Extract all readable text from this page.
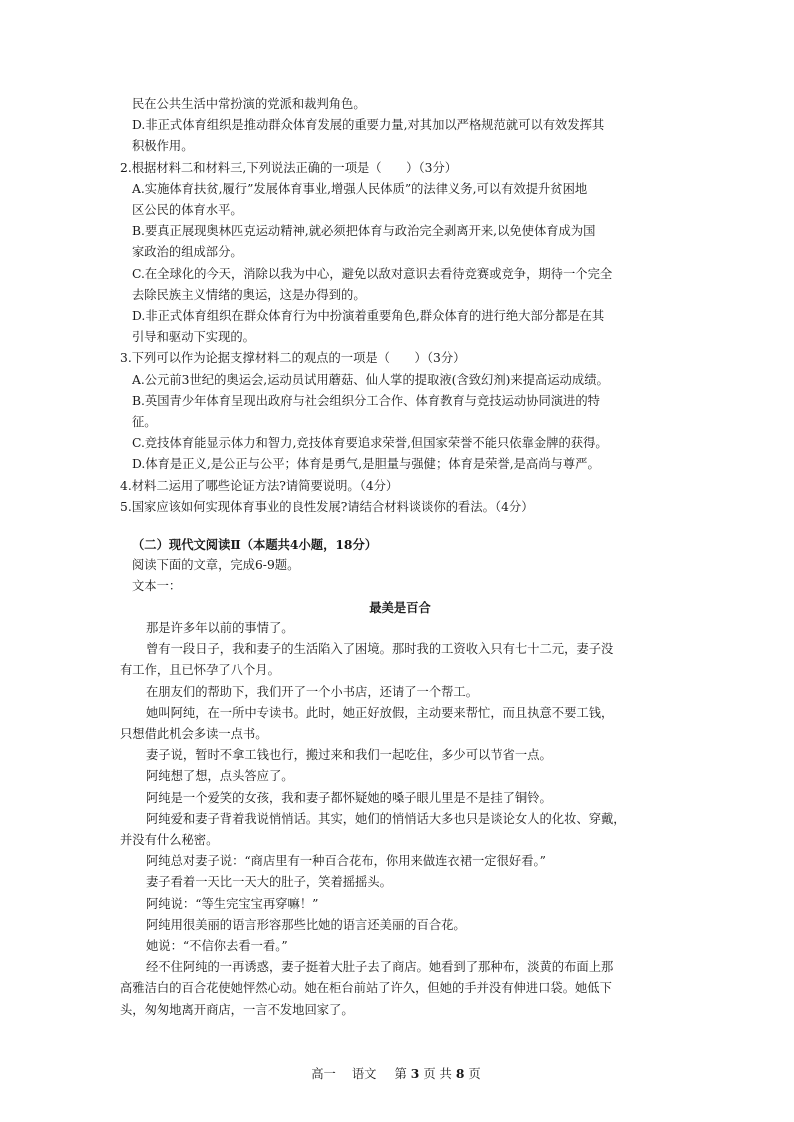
民在公共生活中常扮演的党派和裁判角色。
D.非正式体育组织是推动群众体育发展的重要力量,对其加以严格规范就可以有效发挥其
积极作用。
2.根据材料二和材料三,下列说法正确的一项是（　　）（3分）
A.实施体育扶贫,履行”发展体育事业,增强人民体质”的法律义务,可以有效提升贫困地
区公民的体育水平。
B.要真正展现奥林匹克运动精神,就必须把体育与政治完全剥离开来,以免使体育成为国
家政治的组成部分。
C.在全球化的今天，消除以我为中心，避免以敌对意识去看待竞赛或竞争，期待一个完全
去除民族主义情绪的奥运，这是办得到的。
D.非正式体育组织在群众体育行为中扮演着重要角色,群众体育的进行绝大部分都是在其
引导和驱动下实现的。
3.下列可以作为论据支撑材料二的观点的一项是（　　）（3分）
A.公元前3世纪的奥运会,运动员试用蘑菇、仙人掌的提取液(含致幻剂)来提高运动成绩。
B.英国青少年体育呈现出政府与社会组织分工合作、体育教育与竞技运动协同演进的特
征。
C.竞技体育能显示体力和智力,竞技体育要追求荣誉,但国家荣誉不能只依靠金牌的获得。
D.体育是正义,是公正与公平；体育是勇气,是胆量与强健；体育是荣誉,是高尚与尊严。
4.材料二运用了哪些论证方法?请简要说明。（4分）
5.国家应该如何实现体育事业的良性发展?请结合材料谈谈你的看法。（4分）
（二）现代文阅读Ⅱ（本题共4小题，18分）
阅读下面的文章，完成6-9题。
文本一：
最美是百合
那是许多年以前的事情了。
曾有一段日子，我和妻子的生活陷入了困境。那时我的工资收入只有七十二元，妻子没
有工作，且已怀孕了八个月。
在朋友们的帮助下，我们开了一个小书店，还请了一个帮工。
她叫阿纯，在一所中专读书。此时，她正好放假，主动要来帮忙，而且执意不要工钱，
只想借此机会多读一点书。
妻子说，暂时不拿工钱也行，搬过来和我们一起吃住，多少可以节省一点。
阿纯想了想，点头答应了。
阿纯是一个爱笑的女孩，我和妻子都怀疑她的嗓子眼儿里是不是挂了铜铃。
阿纯爱和妻子背着我说悄悄话。其实，她们的悄悄话大多也只是谈论女人的化妆、穿戴，
并没有什么秘密。
阿纯总对妻子说：“商店里有一种百合花布，你用来做连衣裙一定很好看。”
妻子看着一天比一天大的肚子，笑着摇摇头。
阿纯说：“等生完宝宝再穿嘛！”
阿纯用很美丽的语言形容那些比她的语言还美丽的百合花。
她说：“不信你去看一看。”
经不住阿纯的一再诱惑，妻子挺着大肚子去了商店。她看到了那种布，淡黄的布面上那
高雅洁白的百合花使她怦然心动。她在柜台前站了许久，但她的手并没有伸进口袋。她低下
头，匆匆地离开商店，一言不发地回家了。
高一 语文 第 3 页 共 8 页
